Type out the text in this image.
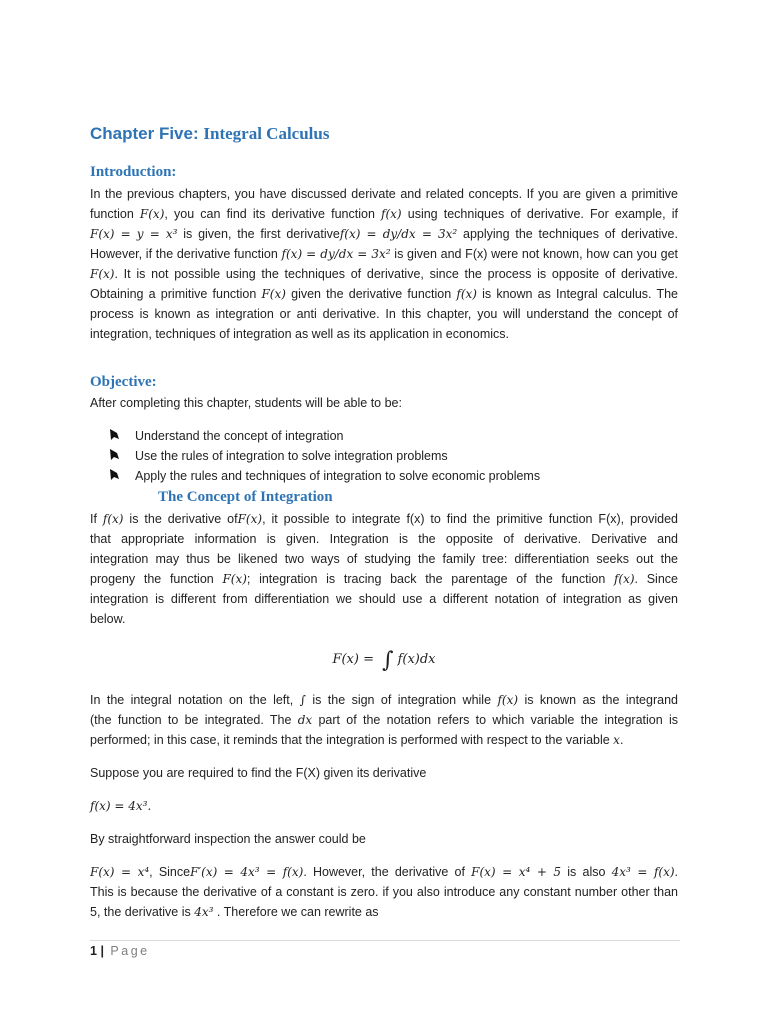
Chapter Five: Integral Calculus
Introduction:
In the previous chapters, you have discussed derivate and related concepts. If you are given a primitive
function F(x), you can find its derivative function f(x) using techniques of derivative. For example, if
F(x) = y = x³ is given, the first derivativef(x) = dy/dx = 3x² applying the techniques of derivative.
However, if the derivative function f(x) = dy/dx = 3x² is given and F(x) were not known, how can you get
F(x). It is not possible using the techniques of derivative, since the process is opposite of derivative.
Obtaining a primitive function F(x) given the derivative function f(x) is known as Integral calculus. The
process is known as integration or anti derivative. In this chapter, you will understand the concept of
integration, techniques of integration as well as its application in economics.
Objective:
After completing this chapter, students will be able to be:
Understand the concept of integration
Use the rules of integration to solve integration problems
Apply the rules and techniques of integration to solve economic problems
The Concept of Integration
If f(x) is the derivative ofF(x), it possible to integrate f(x) to find the primitive function F(x), provided
that appropriate information is given. Integration is the opposite of derivative. Derivative and
integration may thus be likened two ways of studying the family tree: differentiation seeks out the
progeny the function F(x); integration is tracing back the parentage of the function f(x). Since
integration is different from differentiation we should use a different notation of integration as given
below.
F(x) = ∫ f(x)dx
In the integral notation on the left, ∫ is the sign of integration while f(x) is known as the integrand
(the function to be integrated. The dx part of the notation refers to which variable the integration is
performed; in this case, it reminds that the integration is performed with respect to the variable x.
Suppose you are required to find the F(X) given its derivative
f(x) = 4x³.
By straightforward inspection the answer could be
F(x) = x⁴, SinceF′(x) = 4x³ = f(x). However, the derivative of F(x) = x⁴ + 5 is also 4x³ = f(x).
This is because the derivative of a constant is zero. if you also introduce any constant number other than
5, the derivative is 4x³ . Therefore we can rewrite as
1 | Page
